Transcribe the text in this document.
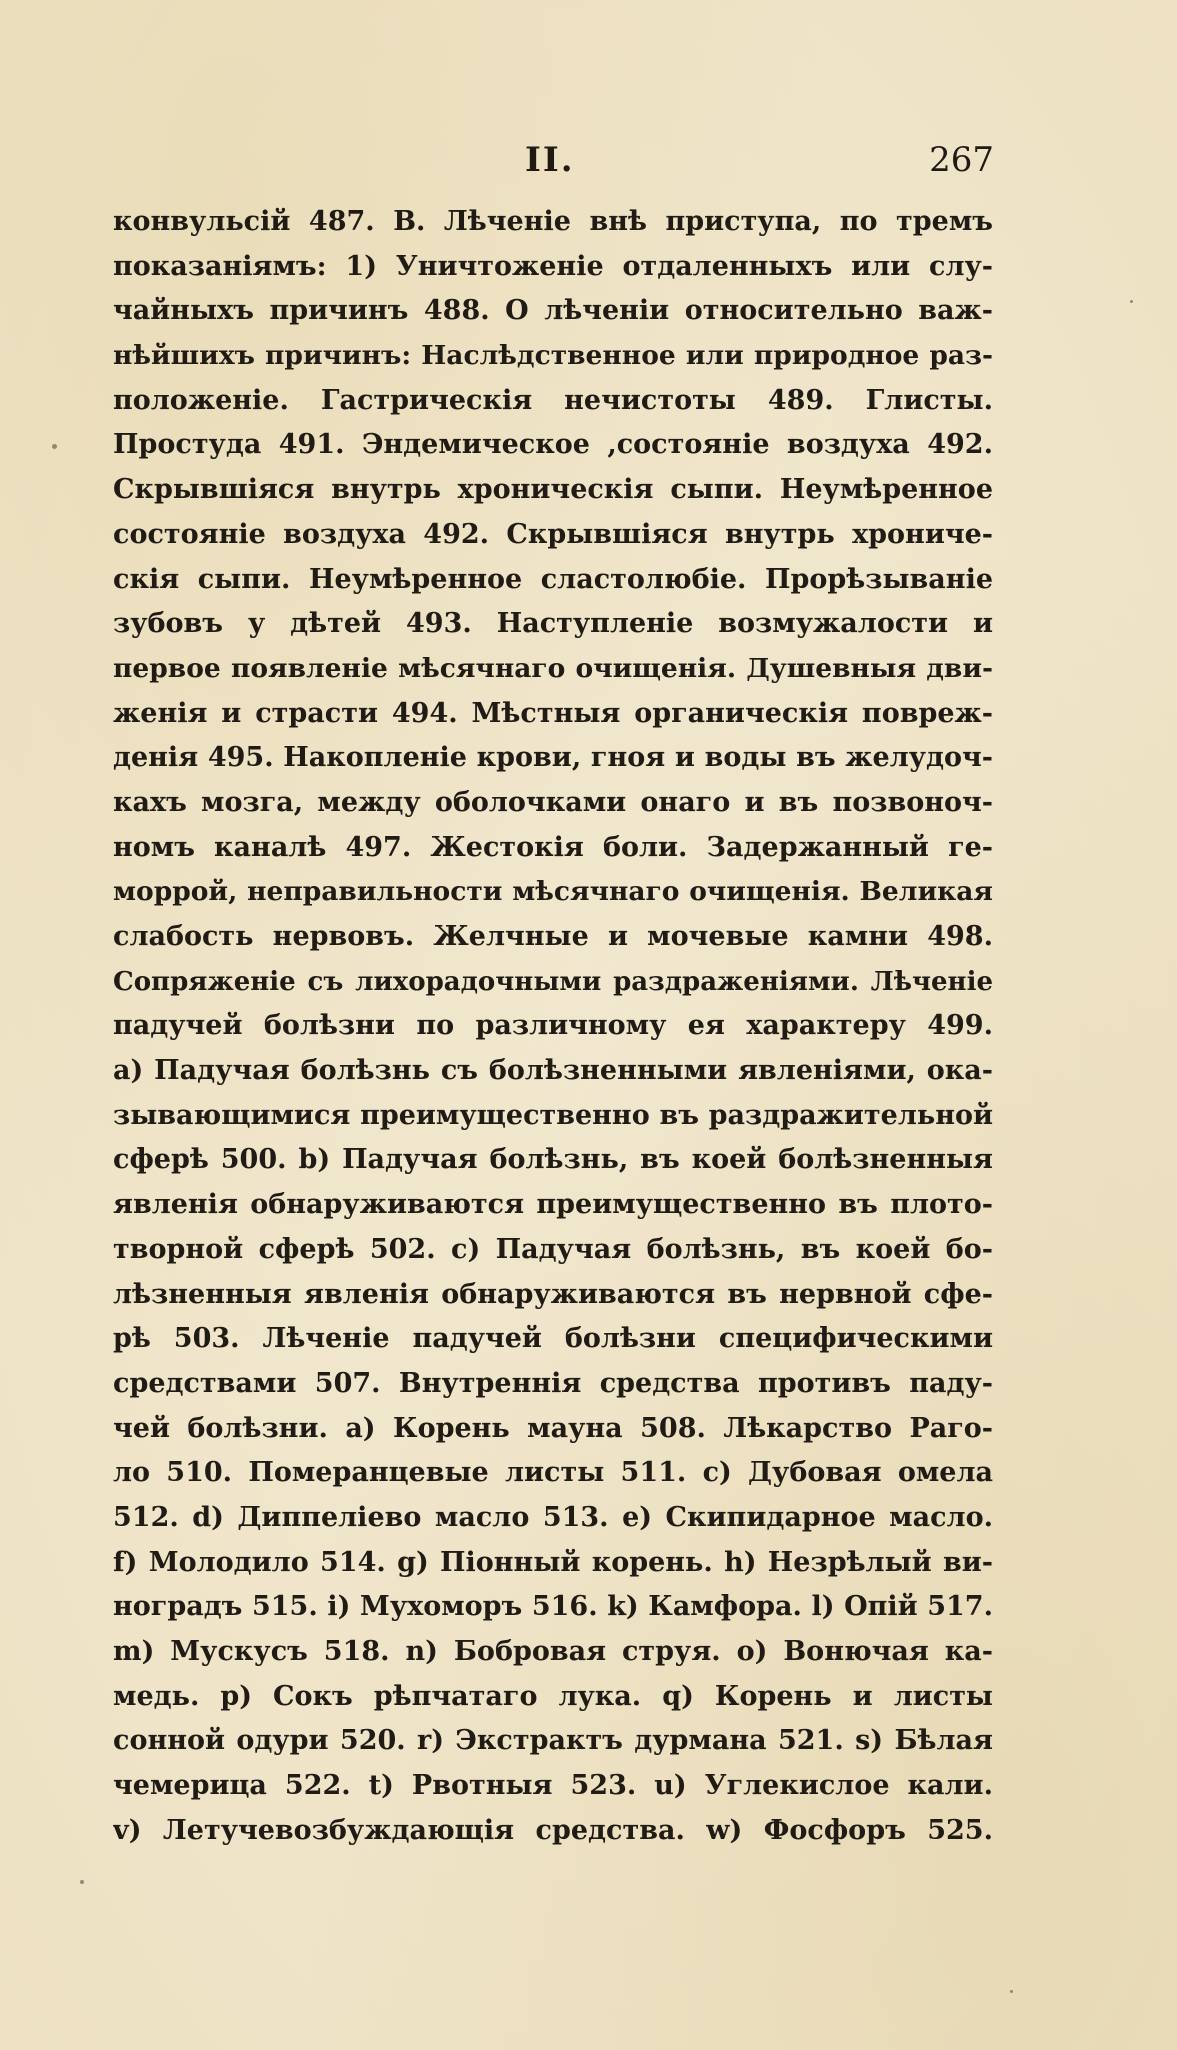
II.	267
конвульсiй 487. В. Лѣченiе внѣ приступа, по тремъ
показанiямъ: 1) Уничтоженiе отдаленныхъ или слу-
чайныхъ причинъ 488. О лѣченiи относительно важ-
нѣйшихъ причинъ: Наслѣдственное или природное раз-
положенiе. Гастрическiя нечистоты 489. Глисты.
Простуда 491. Эндемическое ,состоянiе воздуха 492.
Скрывшiяся внутрь хроническiя сыпи. Неумѣренное
состоянiе воздуха 492. Скрывшiяся внутрь хрониче-
скiя сыпи. Неумѣренное сластолюбiе. Прорѣзыванiе
зубовъ у дѣтей 493. Наступленiе возмужалости и
первое появленiе мѣсячнаго очищенiя. Душевныя дви-
женiя и страсти 494. Мѣстныя органическiя повреж-
денiя 495. Накопленiе крови, гноя и воды въ желудоч-
кахъ мозга, между оболочками онаго и въ позвоноч-
номъ каналѣ 497. Жестокiя боли. Задержанный ге-
моррой, неправильности мѣсячнаго очищенiя. Великая
слабость нервовъ. Желчные и мочевые камни 498.
Сопряженiе съ лихорадочными раздраженiями. Лѣченiе
падучей болѣзни по различному ея характеру 499.
a) Падучая болѣзнь съ болѣзненными явленiями, ока-
зывающимися преимущественно въ раздражительной
сферѣ 500. b) Падучая болѣзнь, въ коей болѣзненныя
явленiя обнаруживаются преимущественно въ плото-
творной сферѣ 502. c) Падучая болѣзнь, въ коей бо-
лѣзненныя явленiя обнаруживаются въ нервной сфе-
рѣ 503. Лѣченiе падучей болѣзни специфическими
средствами 507. Внутреннiя средства противъ паду-
чей болѣзни. a) Корень мауна 508. Лѣкарство Раго-
ло 510. Померанцевые листы 511. c) Дубовая омела
512. d) Диппелiево масло 513. e) Скипидарное масло.
f) Молодило 514. g) Пiонный корень. h) Незрѣлый ви-
ноградъ 515. i) Мухоморъ 516. k) Камфора. l) Опiй 517.
m) Мускусъ 518. n) Бобровая струя. o) Вонючая ка-
медь. p) Сокъ рѣпчатаго лука. q) Корень и листы
сонной одури 520. r) Экстрактъ дурмана 521. s) Бѣлая
чемерица 522. t) Рвотныя 523. u) Углекислое кали.
v) Летучевозбуждающiя средства. w) Фосфоръ 525.
